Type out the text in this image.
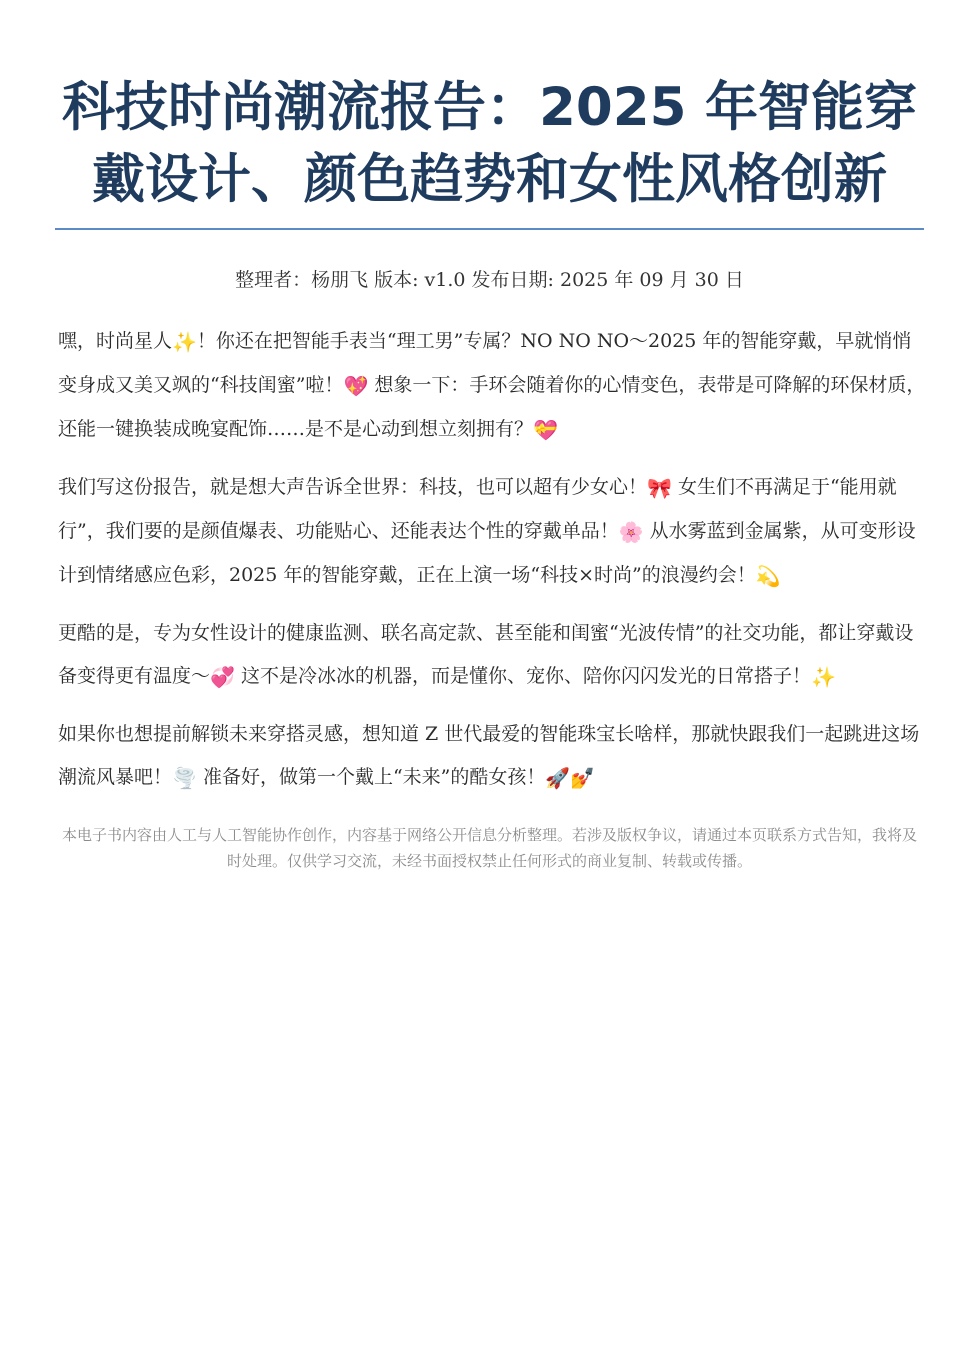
科技时尚潮流报告：2025 年智能穿戴设计、颜色趋势和女性风格创新
整理者：杨朋飞 版本: v1.0 发布日期: 2025 年 09 月 30 日

嘿，时尚星人✨！你还在把智能手表当“理工男”专属？NO NO NO～2025 年的智能穿戴，早就悄悄变身成又美又飒的“科技闺蜜”啦！💖 想象一下：手环会随着你的心情变色，表带是可降解的环保材质，还能一键换装成晚宴配饰……是不是心动到想立刻拥有？💝

我们写这份报告，就是想大声告诉全世界：科技，也可以超有少女心！🎀 女生们不再满足于“能用就行”，我们要的是颜值爆表、功能贴心、还能表达个性的穿戴单品！🌸 从水雾蓝到金属紫，从可变形设计到情绪感应色彩，2025 年的智能穿戴，正在上演一场“科技×时尚”的浪漫约会！💫

更酷的是，专为女性设计的健康监测、联名高定款、甚至能和闺蜜“光波传情”的社交功能，都让穿戴设备变得更有温度～💞 这不是冷冰冰的机器，而是懂你、宠你、陪你闪闪发光的日常搭子！✨

如果你也想提前解锁未来穿搭灵感，想知道 Z 世代最爱的智能珠宝长啥样，那就快跟我们一起跳进这场潮流风暴吧！🌪️ 准备好，做第一个戴上“未来”的酷女孩！🚀💅

本电子书内容由人工与人工智能协作创作，内容基于网络公开信息分析整理。若涉及版权争议，请通过本页联系方式告知，我将及时处理。仅供学习交流，未经书面授权禁止任何形式的商业复制、转载或传播。
